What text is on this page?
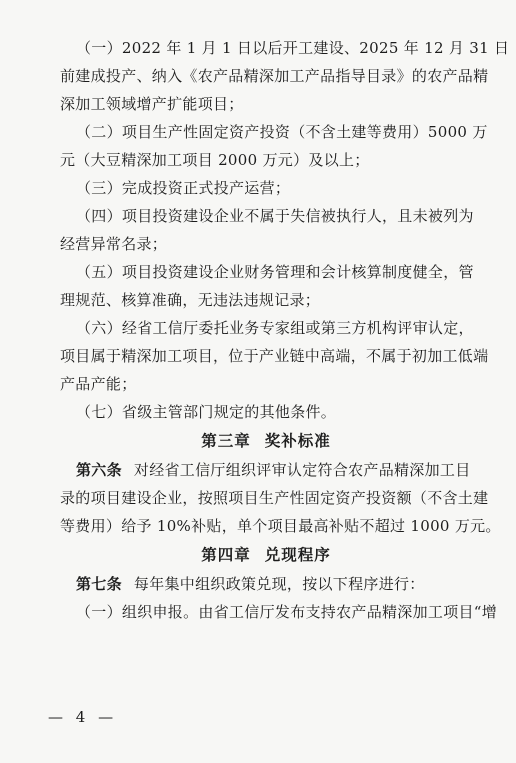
（一）2022 年 1 月 1 日以后开工建设、2025 年 12 月 31 日
前建成投产、纳入《农产品精深加工产品指导目录》的农产品精
深加工领域增产扩能项目；
（二）项目生产性固定资产投资（不含土建等费用）5000 万
元（大豆精深加工项目 2000 万元）及以上；
（三）完成投资正式投产运营；
（四）项目投资建设企业不属于失信被执行人，且未被列为
经营异常名录；
（五）项目投资建设企业财务管理和会计核算制度健全，管
理规范、核算准确，无违法违规记录；
（六）经省工信厅委托业务专家组或第三方机构评审认定，
项目属于精深加工项目，位于产业链中高端，不属于初加工低端
产品产能；
（七）省级主管部门规定的其他条件。
第三章 奖补标准
第六条 对经省工信厅组织评审认定符合农产品精深加工目
录的项目建设企业，按照项目生产性固定资产投资额（不含土建
等费用）给予 10%补贴，单个项目最高补贴不超过 1000 万元。
第四章 兑现程序
第七条 每年集中组织政策兑现，按以下程序进行：
（一）组织申报。由省工信厅发布支持农产品精深加工项目“增
— 4 —
